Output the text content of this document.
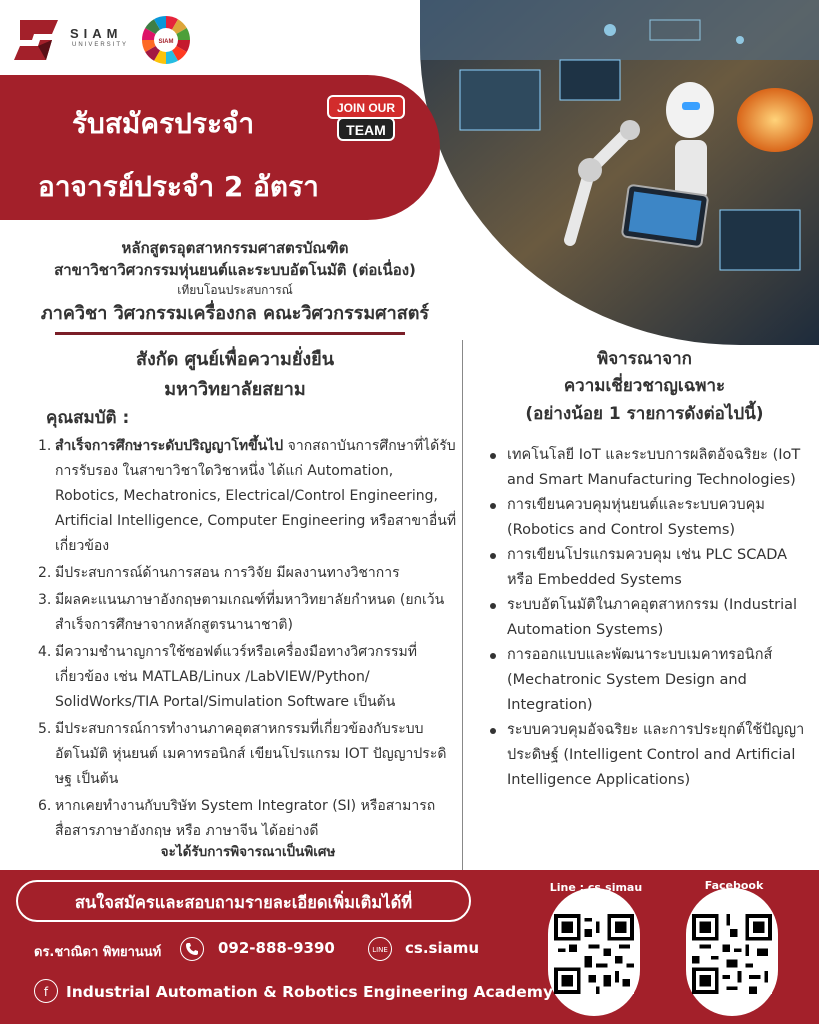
SIAM
UNIVERSITY	SIAM
รับสมัครประจำ
อาจารย์ประจำ 2 อัตรา
JOIN OUR
TEAM
หลักสูตรอุตสาหกรรมศาสตรบัณฑิต
สาขาวิชาวิศวกรรมหุ่นยนต์และระบบอัตโนมัติ (ต่อเนื่อง)
เทียบโอนประสบการณ์
ภาควิชา วิศวกรรมเครื่องกล คณะวิศวกรรมศาสตร์
สังกัด ศูนย์เพื่อความยั่งยืน
มหาวิทยาลัยสยาม
คุณสมบัติ :
1. สำเร็จการศึกษาระดับปริญญาโทขึ้นไป จากสถาบันการศึกษาที่ได้รับการรับรอง ในสาขาวิชาใดวิชาหนึ่ง ได้แก่ Automation, Robotics, Mechatronics, Electrical/Control Engineering, Artificial Intelligence, Computer Engineering หรือสาขาอื่นที่เกี่ยวข้อง
2. มีประสบการณ์ด้านการสอน การวิจัย มีผลงานทางวิชาการ
3. มีผลคะแนนภาษาอังกฤษตามเกณฑ์ที่มหาวิทยาลัยกำหนด (ยกเว้นสำเร็จการศึกษาจากหลักสูตรนานาชาติ)
4. มีความชำนาญการใช้ซอฟต์แวร์หรือเครื่องมือทางวิศวกรรมที่เกี่ยวข้อง เช่น MATLAB/Linux /LabVIEW/Python/ SolidWorks/TIA Portal/Simulation Software เป็นต้น
5. มีประสบการณ์การทำงานภาคอุตสาหกรรมที่เกี่ยวข้องกับระบบอัตโนมัติ หุ่นยนต์ เมคาทรอนิกส์ เขียนโปรแกรม IOT ปัญญาประดิษฐ เป็นต้น
6. หากเคยทำงานกับบริษัท System Integrator (SI) หรือสามารถสื่อสารภาษาอังกฤษ หรือ ภาษาจีน ได้อย่างดี
จะได้รับการพิจารณาเป็นพิเศษ
พิจารณาจาก
ความเชี่ยวชาญเฉพาะ
(อย่างน้อย 1 รายการดังต่อไปนี้)
เทคโนโลยี IoT และระบบการผลิตอัจฉริยะ (IoT and Smart Manufacturing Technologies)
การเขียนควบคุมหุ่นยนต์และระบบควบคุม (Robotics and Control Systems)
การเขียนโปรแกรมควบคุม เช่น PLC SCADA หรือ Embedded Systems
ระบบอัตโนมัติในภาคอุตสาหกรรม (Industrial Automation Systems)
การออกแบบและพัฒนาระบบเมคาทรอนิกส์ (Mechatronic System Design and Integration)
ระบบควบคุมอัจฉริยะ และการประยุกต์ใช้ปัญญาประดิษฐ์ (Intelligent Control and Artificial Intelligence Applications)
สนใจสมัครและสอบถามรายละเอียดเพิ่มเติมได้ที่
ดร.ชาณิดา พิทยานนท์	092-888-9390	LINE cs.siamu
f	Industrial Automation & Robotics Engineering Academy
Line : cs.simau	Facebook
